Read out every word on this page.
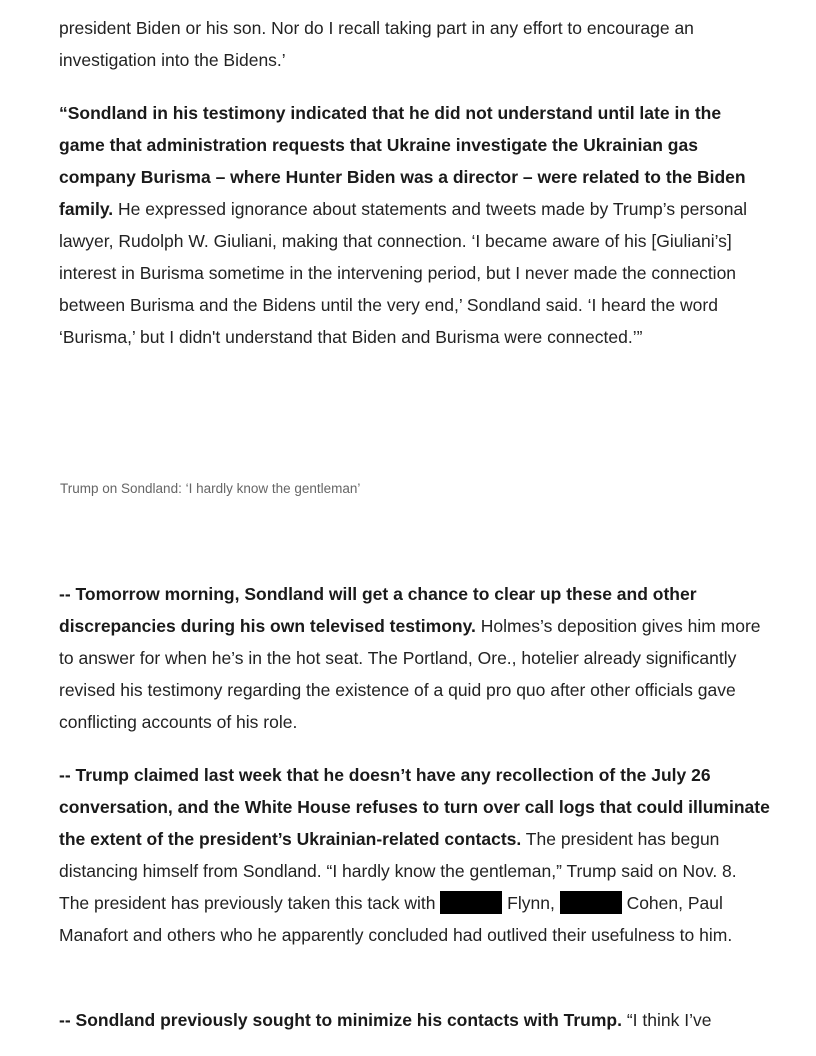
president Biden or his son. Nor do I recall taking part in any effort to encourage an investigation into the Bidens.’

“Sondland in his testimony indicated that he did not understand until late in the game that administration requests that Ukraine investigate the Ukrainian gas company Burisma – where Hunter Biden was a director – were related to the Biden family. He expressed ignorance about statements and tweets made by Trump’s personal lawyer, Rudolph W. Giuliani, making that connection. ‘I became aware of his [Giuliani’s] interest in Burisma sometime in the intervening period, but I never made the connection between Burisma and the Bidens until the very end,’ Sondland said. ‘I heard the word ‘Burisma,’ but I didn't understand that Biden and Burisma were connected.’”

Trump on Sondland: ‘I hardly know the gentleman’

-- Tomorrow morning, Sondland will get a chance to clear up these and other discrepancies during his own televised testimony. Holmes’s deposition gives him more to answer for when he’s in the hot seat. The Portland, Ore., hotelier already significantly revised his testimony regarding the existence of a quid pro quo after other officials gave conflicting accounts of his role.

-- Trump claimed last week that he doesn’t have any recollection of the July 26 conversation, and the White House refuses to turn over call logs that could illuminate the extent of the president’s Ukrainian-related contacts. The president has begun distancing himself from Sondland. “I hardly know the gentleman,” Trump said on Nov. 8. The president has previously taken this tack with	Flynn,	Cohen, Paul Manafort and others who he apparently concluded had outlived their usefulness to him.

-- Sondland previously sought to minimize his contacts with Trump. “I think I’ve
